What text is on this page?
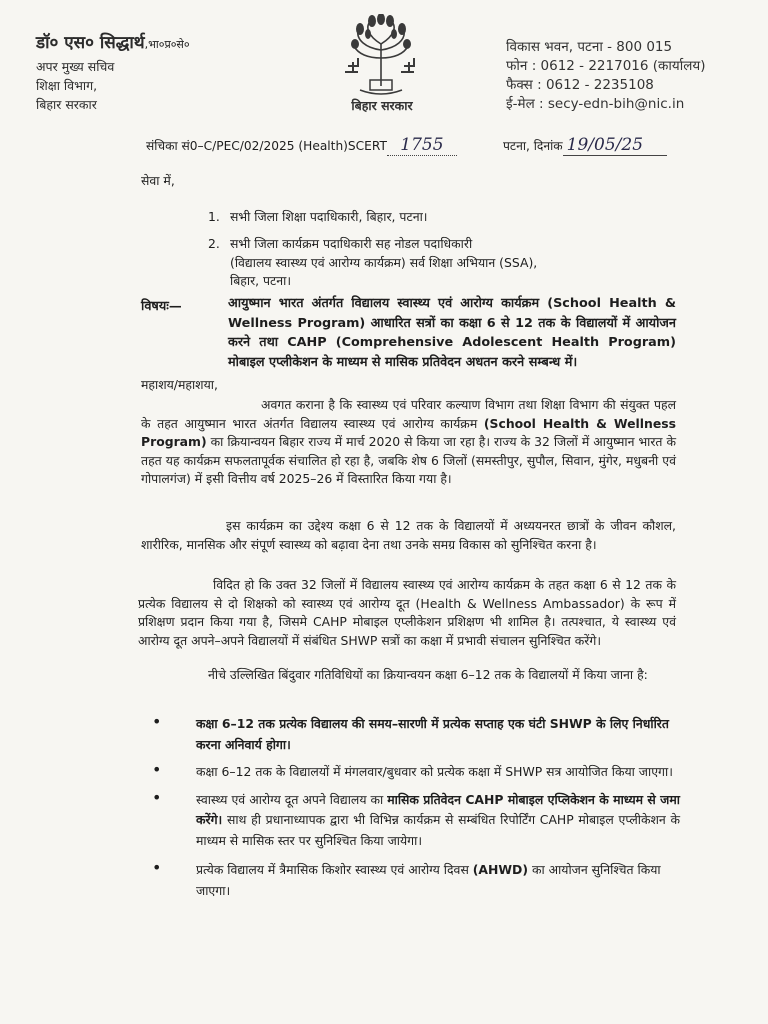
डॉ० एस० सिद्धार्थ,भा०प्र०से०
अपर मुख्य सचिव
शिक्षा विभाग,
बिहार सरकार	बिहार सरकार
विकास भवन, पटना - 800 015
फोन : 0612 - 2217016 (कार्यालय)
फैक्स : 0612 - 2235108
ई-मेल : secy-edn-bih@nic.in
संचिका सं0–C/PEC/02/2025 (Health)SCERT 1755	पटना, दिनांक 19/05/25
सेवा में,
1. सभी जिला शिक्षा पदाधिकारी, बिहार, पटना।
2. सभी जिला कार्यक्रम पदाधिकारी सह नोडल पदाधिकारी
(विद्यालय स्वास्थ्य एवं आरोग्य कार्यक्रम) सर्व शिक्षा अभियान (SSA),
बिहार, पटना।
विषयः—	आयुष्मान भारत अंतर्गत विद्यालय स्वास्थ्य एवं आरोग्य कार्यक्रम (School Health & Wellness Program) आधारित सत्रों का कक्षा 6 से 12 तक के विद्यालयों में आयोजन करने तथा CAHP (Comprehensive Adolescent Health Program) मोबाइल एप्लीकेशन के माध्यम से मासिक प्रतिवेदन अधतन करने सम्बन्ध में।
महाशय/महाशया,
अवगत कराना है कि स्वास्थ्य एवं परिवार कल्याण विभाग तथा शिक्षा विभाग की संयुक्त पहल के तहत आयुष्मान भारत अंतर्गत विद्यालय स्वास्थ्य एवं आरोग्य कार्यक्रम (School Health & Wellness Program) का क्रियान्वयन बिहार राज्य में मार्च 2020 से किया जा रहा है। राज्य के 32 जिलों में आयुष्मान भारत के तहत यह कार्यक्रम सफलतापूर्वक संचालित हो रहा है, जबकि शेष 6 जिलों (समस्तीपुर, सुपौल, सिवान, मुंगेर, मधुबनी एवं गोपालगंज) में इसी वित्तीय वर्ष 2025–26 में विस्तारित किया गया है।
इस कार्यक्रम का उद्देश्य कक्षा 6 से 12 तक के विद्यालयों में अध्ययनरत छात्रों के जीवन कौशल, शारीरिक, मानसिक और संपूर्ण स्वास्थ्य को बढ़ावा देना तथा उनके समग्र विकास को सुनिश्चित करना है।
विदित हो कि उक्त 32 जिलों में विद्यालय स्वास्थ्य एवं आरोग्य कार्यक्रम के तहत कक्षा 6 से 12 तक के प्रत्येक विद्यालय से दो शिक्षको को स्वास्थ्य एवं आरोग्य दूत (Health & Wellness Ambassador) के रूप में प्रशिक्षण प्रदान किया गया है, जिसमे CAHP मोबाइल एप्लीकेशन प्रशिक्षण भी शामिल है। तत्पश्चात, ये स्वास्थ्य एवं आरोग्य दूत अपने–अपने विद्यालयों में संबंधित SHWP सत्रों का कक्षा में प्रभावी संचालन सुनिश्चित करेंगे।
नीचे उल्लिखित बिंदुवार गतिविधियों का क्रियान्वयन कक्षा 6–12 तक के विद्यालयों में किया जाना है:
•	कक्षा 6–12 तक प्रत्येक विद्यालय की समय–सारणी में प्रत्येक सप्ताह एक घंटी SHWP के लिए निर्धारित करना अनिवार्य होगा।
•	कक्षा 6–12 तक के विद्यालयों में मंगलवार/बुधवार को प्रत्येक कक्षा में SHWP सत्र आयोजित किया जाएगा।
•	स्वास्थ्य एवं आरोग्य दूत अपने विद्यालय का मासिक प्रतिवेदन CAHP मोबाइल एप्लिकेशन के माध्यम से जमा करेंगे। साथ ही प्रधानाध्यापक द्वारा भी विभिन्न कार्यक्रम से सम्बंधित रिपोर्टिंग CAHP मोबाइल एप्लीकेशन के माध्यम से मासिक स्तर पर सुनिश्चित किया जायेगा।
•	प्रत्येक विद्यालय में त्रैमासिक किशोर स्वास्थ्य एवं आरोग्य दिवस (AHWD) का आयोजन सुनिश्चित किया जाएगा।
